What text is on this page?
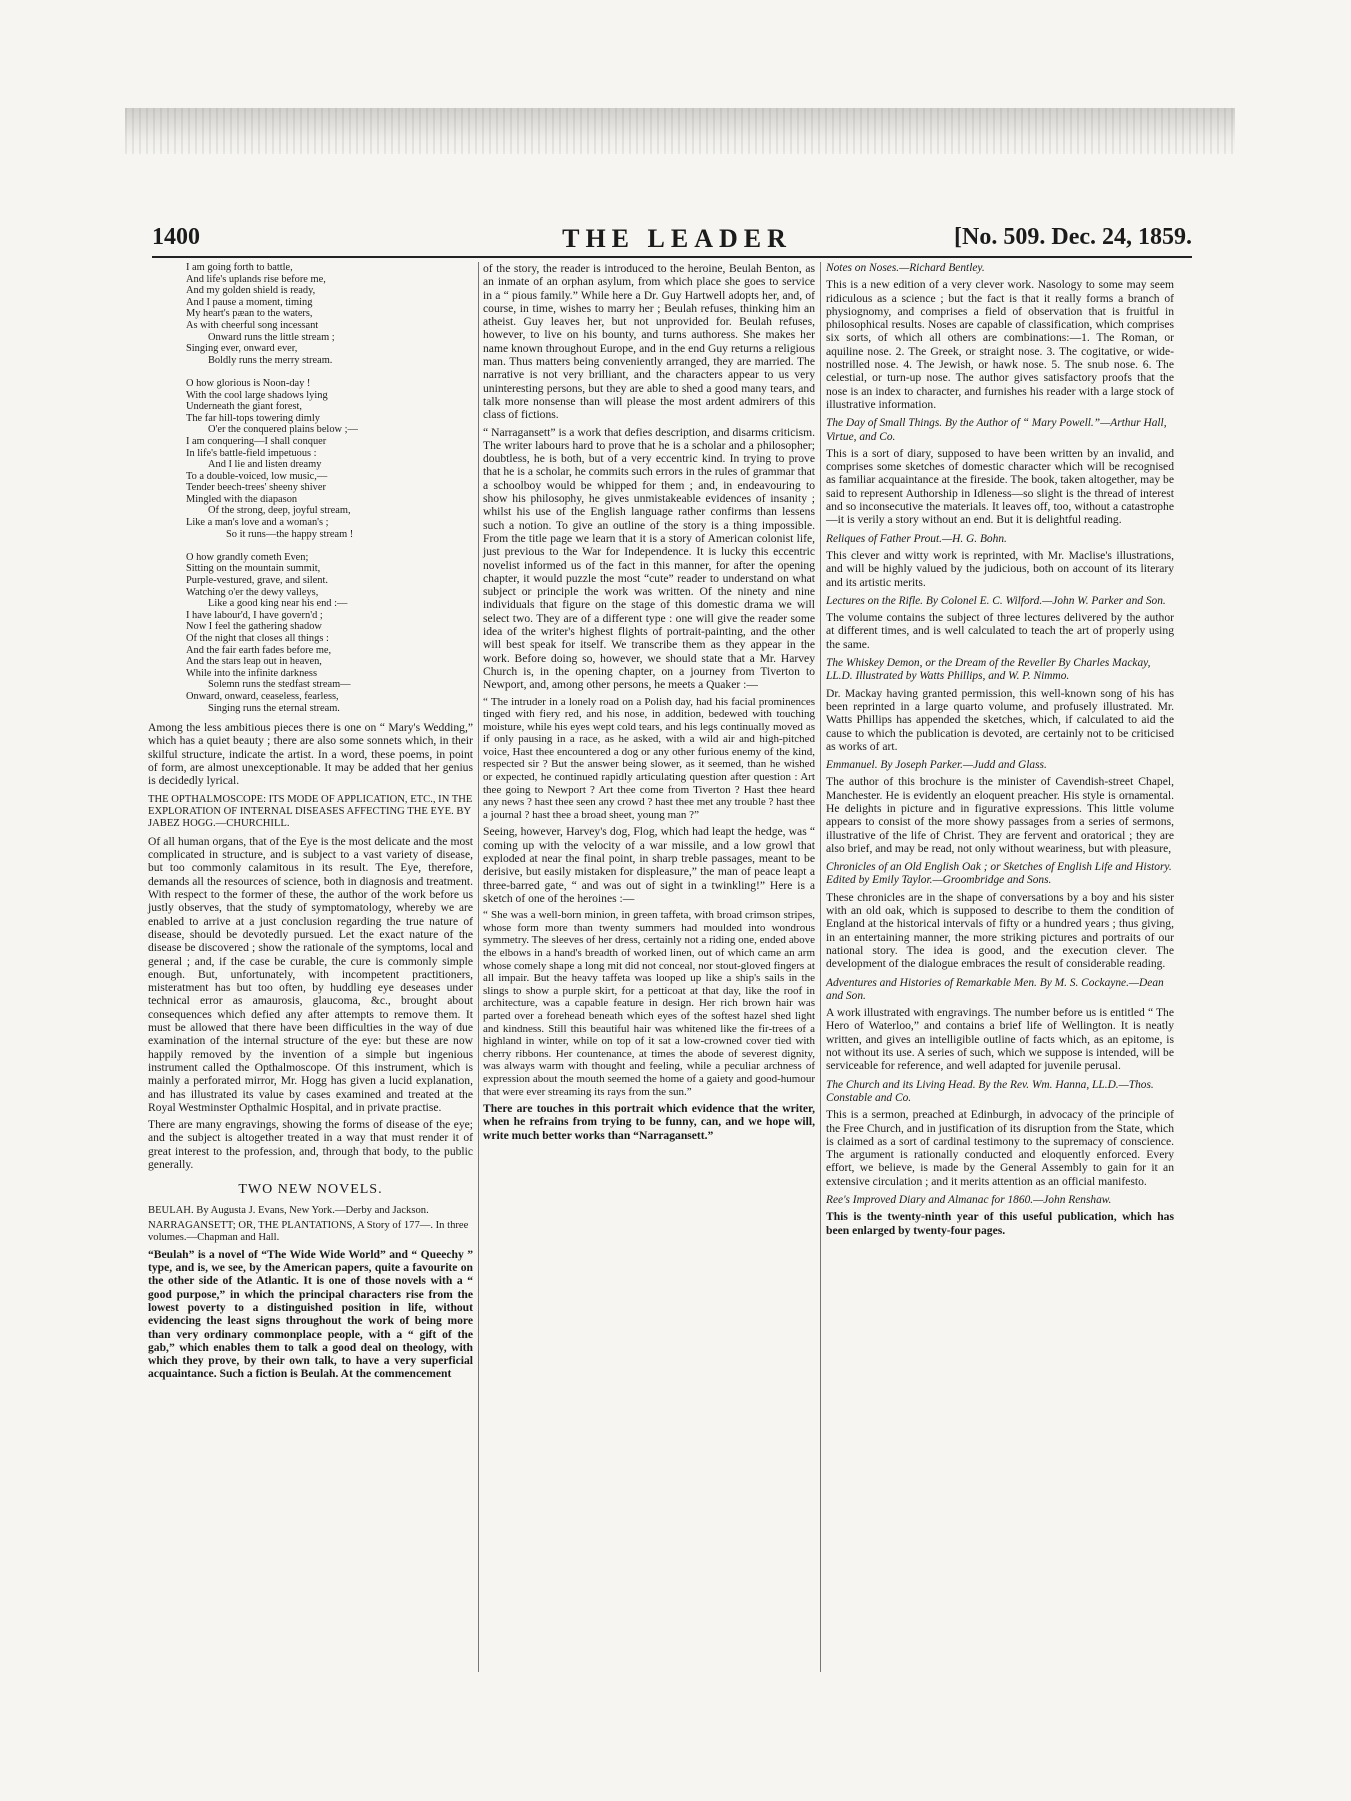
1400	THE LEADER	[No. 509. Dec. 24, 1859.
I am going forth to battle,
And life's uplands rise before me,
And my golden shield is ready,
And I pause a moment, timing
My heart's pæan to the waters,
As with cheerful song incessant
Onward runs the little stream ;
Singing ever, onward ever,
Boldly runs the merry stream.

O how glorious is Noon-day !
With the cool large shadows lying
Underneath the giant forest,
The far hill-tops towering dimly
O'er the conquered plains below ;—
I am conquering—I shall conquer
In life's battle-field impetuous :
And I lie and listen dreamy
To a double-voiced, low music,—
Tender beech-trees' sheeny shiver
Mingled with the diapason
Of the strong, deep, joyful stream,
Like a man's love and a woman's ;
So it runs—the happy stream !

O how grandly cometh Even;
Sitting on the mountain summit,
Purple-vestured, grave, and silent.
Watching o'er the dewy valleys,
Like a good king near his end :—
I have labour'd, I have govern'd ;
Now I feel the gathering shadow
Of the night that closes all things :
And the fair earth fades before me,
And the stars leap out in heaven,
While into the infinite darkness
Solemn runs the stedfast stream—
Onward, onward, ceaseless, fearless,
Singing runs the eternal stream.

Among the less ambitious pieces there is one on “ Mary's Wedding,” which has a quiet beauty ; there are also some sonnets which, in their skilful structure, indicate the artist. In a word, these poems, in point of form, are almost unexceptionable. It may be added that her genius is decidedly lyrical.

THE OPTHALMOSCOPE: ITS MODE OF APPLICATION, ETC., IN THE EXPLORATION OF INTERNAL DISEASES AFFECTING THE EYE. BY JABEZ HOGG.—CHURCHILL.

Of all human organs, that of the Eye is the most delicate and the most complicated in structure, and is subject to a vast variety of disease, but too commonly calamitous in its result. The Eye, therefore, demands all the resources of science, both in diagnosis and treatment. With respect to the former of these, the author of the work before us justly observes, that the study of symptomatology, whereby we are enabled to arrive at a just conclusion regarding the true nature of disease, should be devotedly pursued. Let the exact nature of the disease be discovered ; show the rationale of the symptoms, local and general ; and, if the case be curable, the cure is commonly simple enough. But, unfortunately, with incompetent practitioners, misteratment has but too often, by huddling eye deseases under technical error as amaurosis, glaucoma, &c., brought about consequences which defied any after attempts to remove them. It must be allowed that there have been difficulties in the way of due examination of the internal structure of the eye: but these are now happily removed by the invention of a simple but ingenious instrument called the Opthalmoscope. Of this instrument, which is mainly a perforated mirror, Mr. Hogg has given a lucid explanation, and has illustrated its value by cases examined and treated at the Royal Westminster Opthalmic Hospital, and in private practise.

There are many engravings, showing the forms of disease of the eye; and the subject is altogether treated in a way that must render it of great interest to the profession, and, through that body, to the public generally.

TWO NEW NOVELS.
BEULAH. By Augusta J. Evans, New York.—Derby and Jackson.
NARRAGANSETT; OR, THE PLANTATIONS, A Story of 177—. In three volumes.—Chapman and Hall.

“Beulah” is a novel of “The Wide Wide World” and “ Queechy ” type, and is, we see, by the American papers, quite a favourite on the other side of the Atlantic. It is one of those novels with a “ good purpose,” in which the principal characters rise from the lowest poverty to a distinguished position in life, without evidencing the least signs throughout the work of being more than very ordinary commonplace people, with a “ gift of the gab,” which enables them to talk a good deal on theology, with which they prove, by their own talk, to have a very superficial acquaintance. Such a fiction is Beulah. At the commencement

of the story, the reader is introduced to the heroine, Beulah Benton, as an inmate of an orphan asylum, from which place she goes to service in a “ pious family.” While here a Dr. Guy Hartwell adopts her, and, of course, in time, wishes to marry her ; Beulah refuses, thinking him an atheist. Guy leaves her, but not unprovided for. Beulah refuses, however, to live on his bounty, and turns authoress. She makes her name known throughout Europe, and in the end Guy returns a religious man. Thus matters being conveniently arranged, they are married. The narrative is not very brilliant, and the characters appear to us very uninteresting persons, but they are able to shed a good many tears, and talk more nonsense than will please the most ardent admirers of this class of fictions.

“ Narragansett” is a work that defies description, and disarms criticism. The writer labours hard to prove that he is a scholar and a philosopher; doubtless, he is both, but of a very eccentric kind. In trying to prove that he is a scholar, he commits such errors in the rules of grammar that a schoolboy would be whipped for them ; and, in endeavouring to show his philosophy, he gives unmistakeable evidences of insanity ; whilst his use of the English language rather confirms than lessens such a notion. To give an outline of the story is a thing impossible. From the title page we learn that it is a story of American colonist life, just previous to the War for Independence. It is lucky this eccentric novelist informed us of the fact in this manner, for after the opening chapter, it would puzzle the most “cute” reader to understand on what subject or principle the work was written. Of the ninety and nine individuals that figure on the stage of this domestic drama we will select two. They are of a different type : one will give the reader some idea of the writer's highest flights of portrait-painting, and the other will best speak for itself. We transcribe them as they appear in the work. Before doing so, however, we should state that a Mr. Harvey Church is, in the opening chapter, on a journey from Tiverton to Newport, and, among other persons, he meets a Quaker :—

“ The intruder in a lonely road on a Polish day, had his facial prominences tinged with fiery red, and his nose, in addition, bedewed with touching moisture, while his eyes wept cold tears, and his legs continually moved as if only pausing in a race, as he asked, with a wild air and high-pitched voice, Hast thee encountered a dog or any other furious enemy of the kind, respected sir ? But the answer being slower, as it seemed, than he wished or expected, he continued rapidly articulating question after question : Art thee going to Newport ? Art thee come from Tiverton ? Hast thee heard any news ? hast thee seen any crowd ? hast thee met any trouble ? hast thee a journal ? hast thee a broad sheet, young man ?”

Seeing, however, Harvey's dog, Flog, which had leapt the hedge, was “ coming up with the velocity of a war missile, and a low growl that exploded at near the final point, in sharp treble passages, meant to be derisive, but easily mistaken for displeasure,” the man of peace leapt a three-barred gate, “ and was out of sight in a twinkling!” Here is a sketch of one of the heroines :—

“ She was a well-born minion, in green taffeta, with broad crimson stripes, whose form more than twenty summers had moulded into wondrous symmetry. The sleeves of her dress, certainly not a riding one, ended above the elbows in a hand's breadth of worked linen, out of which came an arm whose comely shape a long mit did not conceal, nor stout-gloved fingers at all impair. But the heavy taffeta was looped up like a ship's sails in the slings to show a purple skirt, for a petticoat at that day, like the roof in architecture, was a capable feature in design. Her rich brown hair was parted over a forehead beneath which eyes of the softest hazel shed light and kindness. Still this beautiful hair was whitened like the fir-trees of a highland in winter, while on top of it sat a low-crowned cover tied with cherry ribbons. Her countenance, at times the abode of severest dignity, was always warm with thought and feeling, while a peculiar archness of expression about the mouth seemed the home of a gaiety and good-humour that were ever streaming its rays from the sun.”

There are touches in this portrait which evidence that the writer, when he refrains from trying to be funny, can, and we hope will, write much better works than “Narragansett.”

Notes on Noses.—Richard Bentley.

This is a new edition of a very clever work. Nasology to some may seem ridiculous as a science ; but the fact is that it really forms a branch of physiognomy, and comprises a field of observation that is fruitful in philosophical results. Noses are capable of classification, which comprises six sorts, of which all others are combinations:—1. The Roman, or aquiline nose. 2. The Greek, or straight nose. 3. The cogitative, or wide-nostrilled nose. 4. The Jewish, or hawk nose. 5. The snub nose. 6. The celestial, or turn-up nose. The author gives satisfactory proofs that the nose is an index to character, and furnishes his reader with a large stock of illustrative information.

The Day of Small Things. By the Author of “ Mary Powell.”—Arthur Hall, Virtue, and Co.

This is a sort of diary, supposed to have been written by an invalid, and comprises some sketches of domestic character which will be recognised as familiar acquaintance at the fireside. The book, taken altogether, may be said to represent Authorship in Idleness—so slight is the thread of interest and so inconsecutive the materials. It leaves off, too, without a catastrophe—it is verily a story without an end. But it is delightful reading.

Reliques of Father Prout.—H. G. Bohn.

This clever and witty work is reprinted, with Mr. Maclise's illustrations, and will be highly valued by the judicious, both on account of its literary and its artistic merits.

Lectures on the Rifle. By Colonel E. C. Wilford.—John W. Parker and Son.

The volume contains the subject of three lectures delivered by the author at different times, and is well calculated to teach the art of properly using the same.

The Whiskey Demon, or the Dream of the Reveller By Charles Mackay, LL.D. Illustrated by Watts Phillips, and W. P. Nimmo.

Dr. Mackay having granted permission, this well-known song of his has been reprinted in a large quarto volume, and profusely illustrated. Mr. Watts Phillips has appended the sketches, which, if calculated to aid the cause to which the publication is devoted, are certainly not to be criticised as works of art.

Emmanuel. By Joseph Parker.—Judd and Glass.

The author of this brochure is the minister of Cavendish-street Chapel, Manchester. He is evidently an eloquent preacher. His style is ornamental. He delights in picture and in figurative expressions. This little volume appears to consist of the more showy passages from a series of sermons, illustrative of the life of Christ. They are fervent and oratorical ; they are also brief, and may be read, not only without weariness, but with pleasure,

Chronicles of an Old English Oak ; or Sketches of English Life and History. Edited by Emily Taylor.—Groombridge and Sons.

These chronicles are in the shape of conversations by a boy and his sister with an old oak, which is supposed to describe to them the condition of England at the historical intervals of fifty or a hundred years ; thus giving, in an entertaining manner, the more striking pictures and portraits of our national story. The idea is good, and the execution clever. The development of the dialogue embraces the result of considerable reading.

Adventures and Histories of Remarkable Men. By M. S. Cockayne.—Dean and Son.

A work illustrated with engravings. The number before us is entitled “ The Hero of Waterloo,” and contains a brief life of Wellington. It is neatly written, and gives an intelligible outline of facts which, as an epitome, is not without its use. A series of such, which we suppose is intended, will be serviceable for reference, and well adapted for juvenile perusal.

The Church and its Living Head. By the Rev. Wm. Hanna, LL.D.—Thos. Constable and Co.

This is a sermon, preached at Edinburgh, in advocacy of the principle of the Free Church, and in justification of its disruption from the State, which is claimed as a sort of cardinal testimony to the supremacy of conscience. The argument is rationally conducted and eloquently enforced. Every effort, we believe, is made by the General Assembly to gain for it an extensive circulation ; and it merits attention as an official manifesto.

Ree's Improved Diary and Almanac for 1860.—John Renshaw.

This is the twenty-ninth year of this useful publication, which has been enlarged by twenty-four pages.
